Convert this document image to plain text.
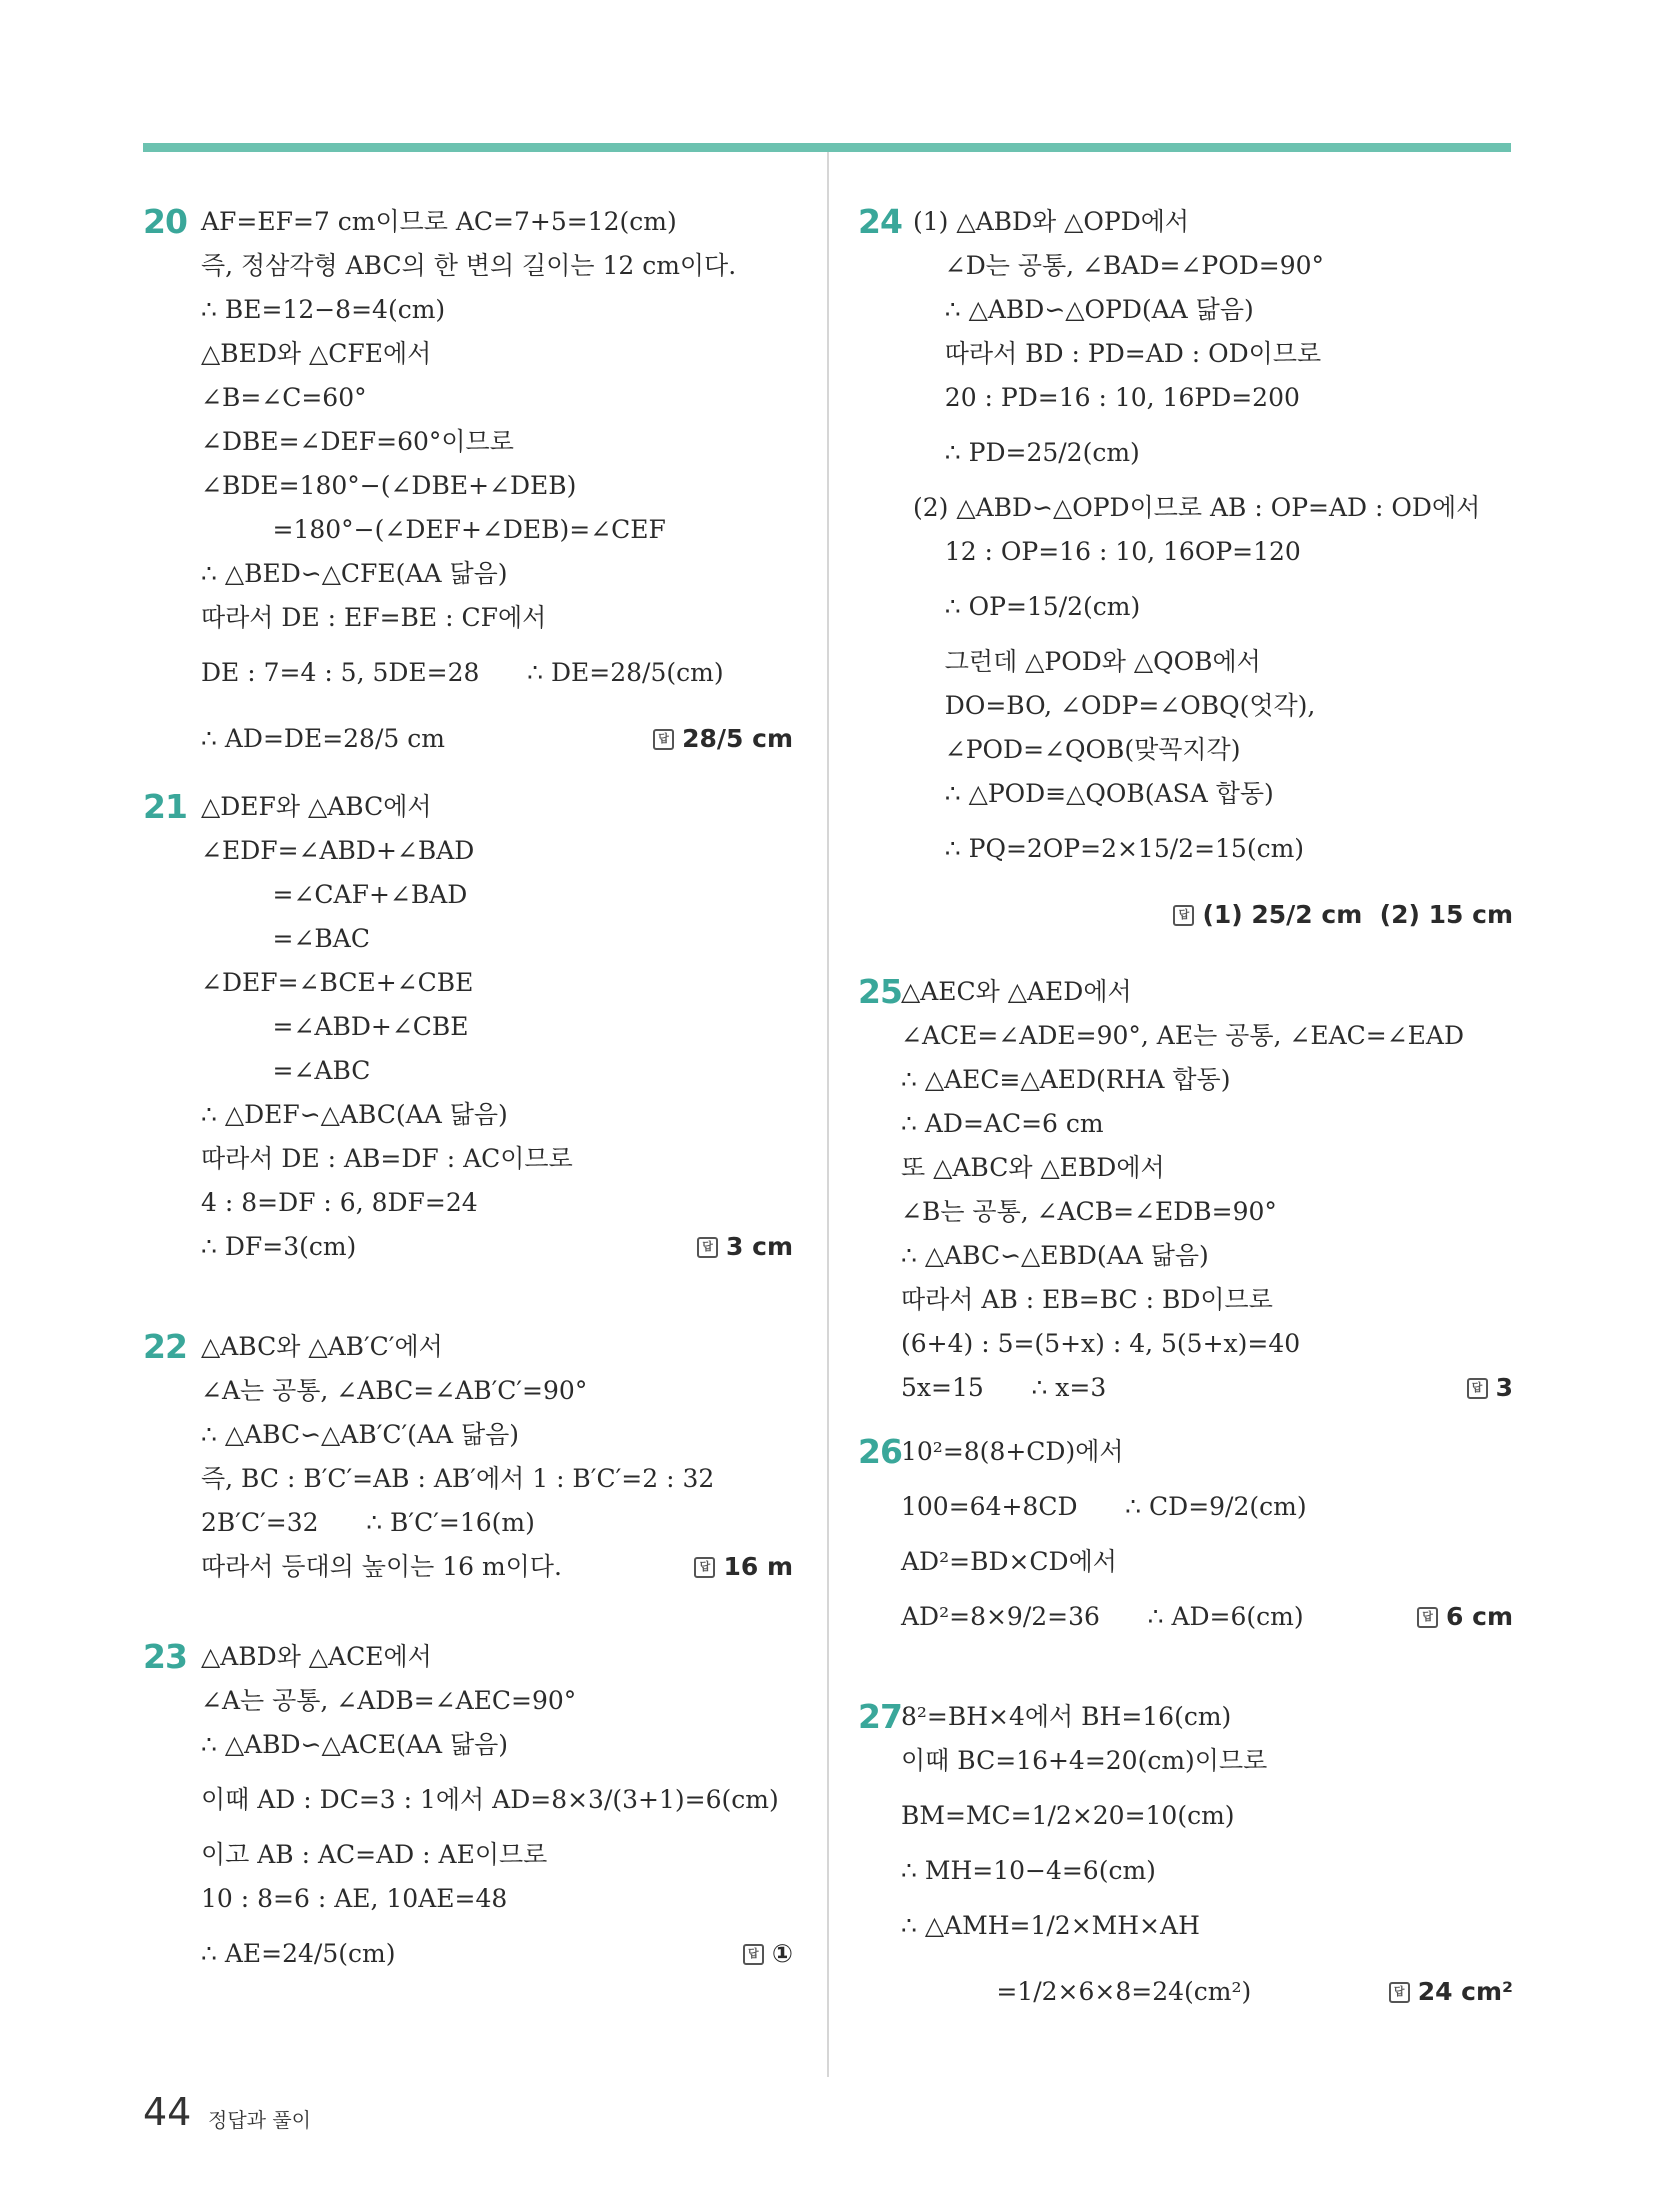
20 AF=EF=7 cm이므로 AC=7+5=12(cm)
즉, 정삼각형 ABC의 한 변의 길이는 12 cm이다.
∴ BE=12−8=4(cm)
△BED와 △CFE에서
∠B=∠C=60°
∠DBE=∠DEF=60°이므로
∠BDE=180°−(∠DBE+∠DEB)
=180°−(∠DEF+∠DEB)=∠CEF
∴ △BED∽△CFE(AA 닮음)
따라서 DE : EF=BE : CF에서
DE : 7=4 : 5, 5DE=28      ∴ DE=28/5(cm)
∴ AD=DE=28/5 cm	답 28/5 cm
21 △DEF와 △ABC에서
∠EDF=∠ABD+∠BAD
=∠CAF+∠BAD
=∠BAC
∠DEF=∠BCE+∠CBE
=∠ABD+∠CBE
=∠ABC
∴ △DEF∽△ABC(AA 닮음)
따라서 DE : AB=DF : AC이므로
4 : 8=DF : 6, 8DF=24
∴ DF=3(cm)	답 3 cm
22 △ABC와 △AB′C′에서
∠A는 공통, ∠ABC=∠AB′C′=90°
∴ △ABC∽△AB′C′(AA 닮음)
즉, BC : B′C′=AB : AB′에서 1 : B′C′=2 : 32
2B′C′=32      ∴ B′C′=16(m)
따라서 등대의 높이는 16 m이다.	답 16 m
23 △ABD와 △ACE에서
∠A는 공통, ∠ADB=∠AEC=90°
∴ △ABD∽△ACE(AA 닮음)
이때 AD : DC=3 : 1에서 AD=8×3/(3+1)=6(cm)
이고 AB : AC=AD : AE이므로
10 : 8=6 : AE, 10AE=48
∴ AE=24/5(cm)	답 ①
24 (1) △ABD와 △OPD에서
∠D는 공통, ∠BAD=∠POD=90°
∴ △ABD∽△OPD(AA 닮음)
따라서 BD : PD=AD : OD이므로
20 : PD=16 : 10, 16PD=200
∴ PD=25/2(cm)
(2) △ABD∽△OPD이므로 AB : OP=AD : OD에서
12 : OP=16 : 10, 16OP=120
∴ OP=15/2(cm)
그런데 △POD와 △QOB에서
DO=BO, ∠ODP=∠OBQ(엇각),
∠POD=∠QOB(맞꼭지각)
∴ △POD≡△QOB(ASA 합동)
∴ PQ=2OP=2×15/2=15(cm)
답 (1) 25/2 cm  (2) 15 cm
25 △AEC와 △AED에서
∠ACE=∠ADE=90°, AE는 공통, ∠EAC=∠EAD
∴ △AEC≡△AED(RHA 합동)
∴ AD=AC=6 cm
또 △ABC와 △EBD에서
∠B는 공통, ∠ACB=∠EDB=90°
∴ △ABC∽△EBD(AA 닮음)
따라서 AB : EB=BC : BD이므로
(6+4) : 5=(5+x) : 4, 5(5+x)=40
5x=15      ∴ x=3	답 3
26 10²=8(8+CD)에서
100=64+8CD      ∴ CD=9/2(cm)
AD²=BD×CD에서
AD²=8×9/2=36      ∴ AD=6(cm)	답 6 cm
27 8²=BH×4에서 BH=16(cm)
이때 BC=16+4=20(cm)이므로
BM=MC=1/2×20=10(cm)
∴ MH=10−4=6(cm)
∴ △AMH=1/2×MH×AH
=1/2×6×8=24(cm²)	답 24 cm²
44 정답과 풀이
